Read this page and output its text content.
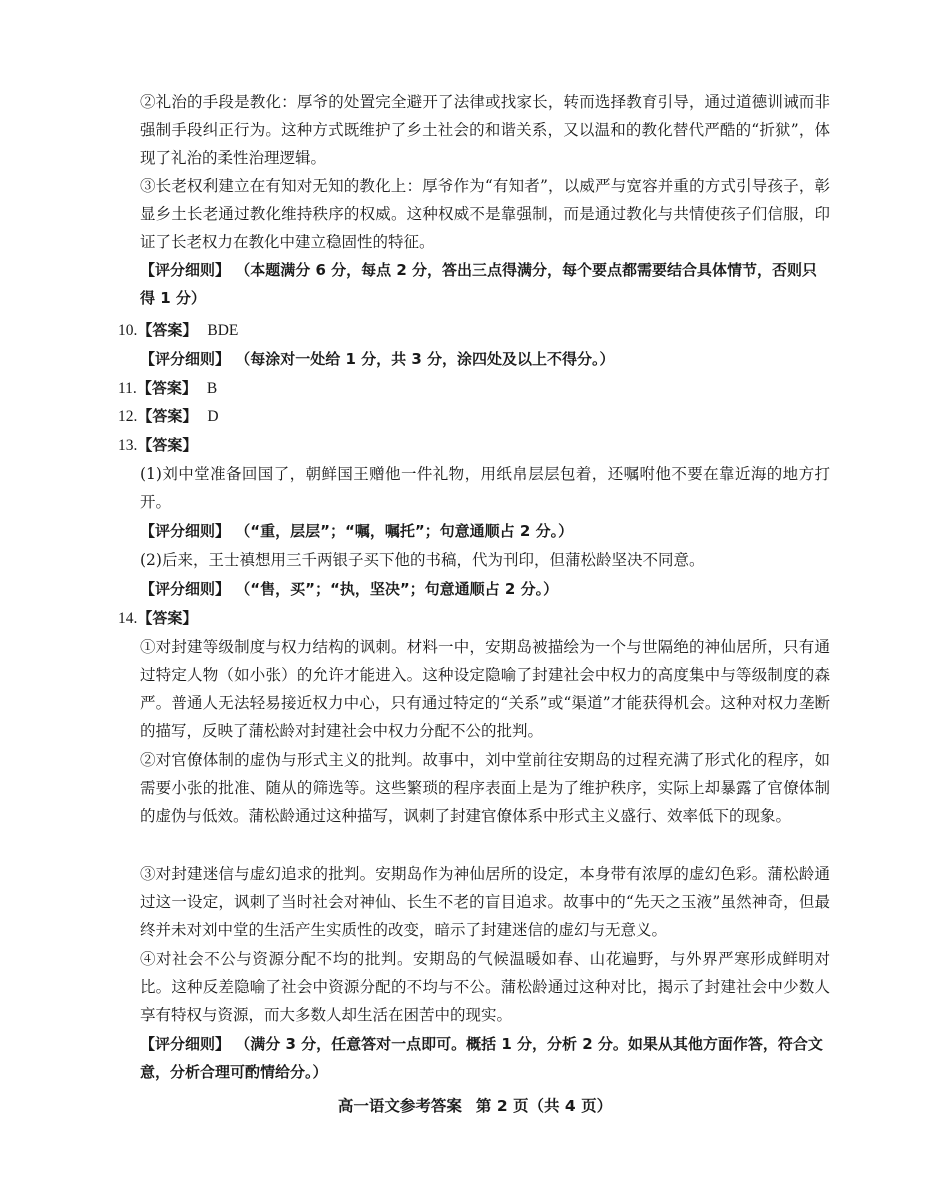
②礼治的手段是教化：厚爷的处置完全避开了法律或找家长，转而选择教育引导，通过道德训诫而非强制手段纠正行为。这种方式既维护了乡土社会的和谐关系，又以温和的教化替代严酷的“折狱”，体现了礼治的柔性治理逻辑。

③长老权利建立在有知对无知的教化上：厚爷作为“有知者”，以威严与宽容并重的方式引导孩子，彰显乡土长老通过教化维持秩序的权威。这种权威不是靠强制，而是通过教化与共情使孩子们信服，印证了长老权力在教化中建立稳固性的特征。

【评分细则】 （本题满分 6 分，每点 2 分，答出三点得满分，每个要点都需要结合具体情节，否则只得 1 分）

10.【答案】 BDE

【评分细则】 （每涂对一处给 1 分，共 3 分，涂四处及以上不得分。）

11.【答案】 B

12.【答案】 D

13.【答案】

(1)刘中堂准备回国了，朝鲜国王赠他一件礼物，用纸帛层层包着，还嘱咐他不要在靠近海的地方打开。

【评分细则】 （“重，层层”；“嘱，嘱托”；句意通顺占 2 分。）

(2)后来，王士禛想用三千两银子买下他的书稿，代为刊印，但蒲松龄坚决不同意。

【评分细则】 （“售，买”；“执，坚决”；句意通顺占 2 分。）

14.【答案】

①对封建等级制度与权力结构的讽刺。材料一中，安期岛被描绘为一个与世隔绝的神仙居所，只有通过特定人物（如小张）的允许才能进入。这种设定隐喻了封建社会中权力的高度集中与等级制度的森严。普通人无法轻易接近权力中心，只有通过特定的“关系”或“渠道”才能获得机会。这种对权力垄断的描写，反映了蒲松龄对封建社会中权力分配不公的批判。

②对官僚体制的虚伪与形式主义的批判。故事中，刘中堂前往安期岛的过程充满了形式化的程序，如需要小张的批准、随从的筛选等。这些繁琐的程序表面上是为了维护秩序，实际上却暴露了官僚体制的虚伪与低效。蒲松龄通过这种描写，讽刺了封建官僚体系中形式主义盛行、效率低下的现象。

③对封建迷信与虚幻追求的批判。安期岛作为神仙居所的设定，本身带有浓厚的虚幻色彩。蒲松龄通过这一设定，讽刺了当时社会对神仙、长生不老的盲目追求。故事中的“先天之玉液”虽然神奇，但最终并未对刘中堂的生活产生实质性的改变，暗示了封建迷信的虚幻与无意义。

④对社会不公与资源分配不均的批判。安期岛的气候温暖如春、山花遍野，与外界严寒形成鲜明对比。这种反差隐喻了社会中资源分配的不均与不公。蒲松龄通过这种对比，揭示了封建社会中少数人享有特权与资源，而大多数人却生活在困苦中的现实。

【评分细则】 （满分 3 分，任意答对一点即可。概括 1 分，分析 2 分。如果从其他方面作答，符合文意，分析合理可酌情给分。）

高一语文参考答案 第 2 页（共 4 页）
